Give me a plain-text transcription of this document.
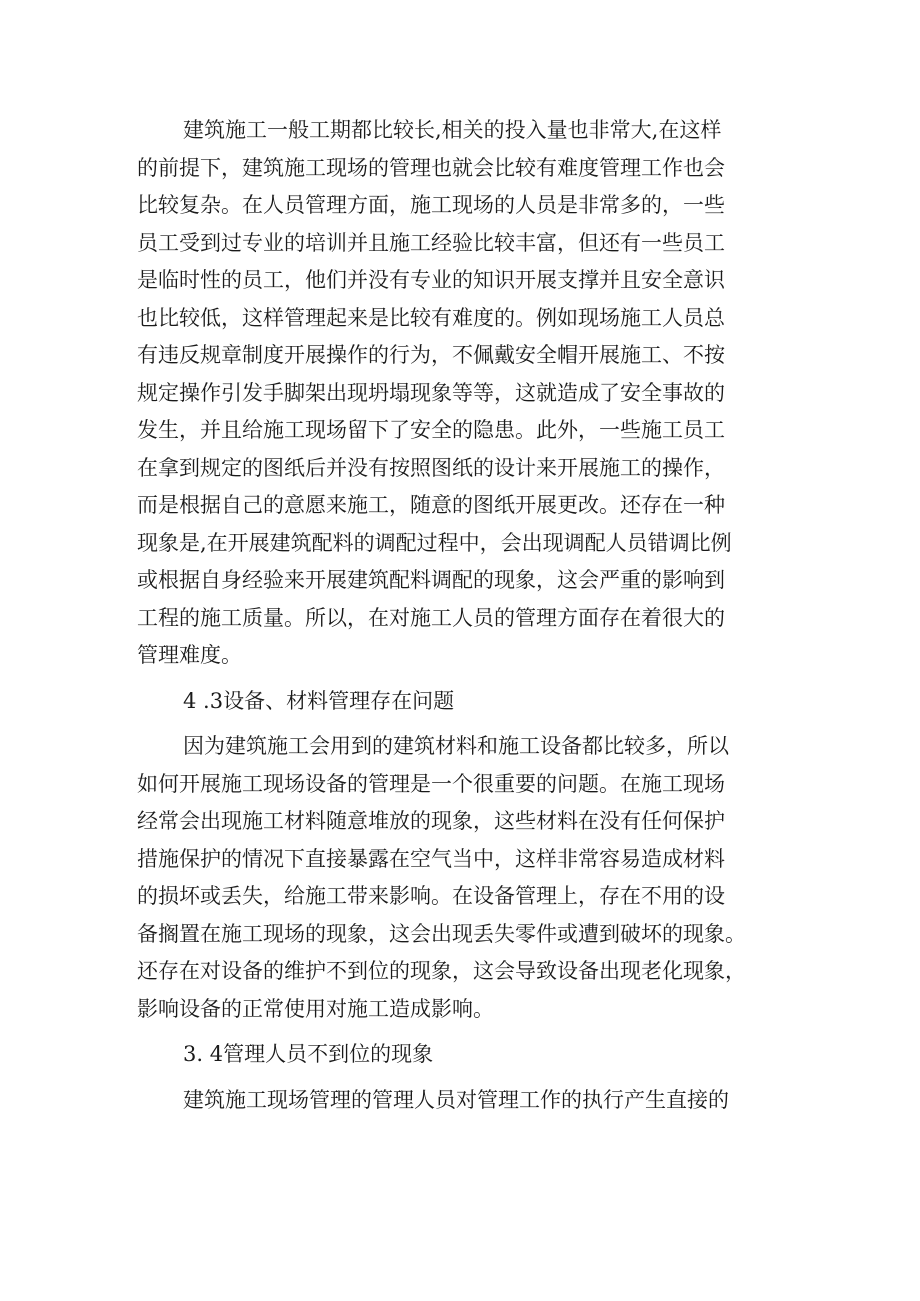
建筑施工一般工期都比较长,相关的投入量也非常大,在这样
的前提下，建筑施工现场的管理也就会比较有难度管理工作也会
比较复杂。在人员管理方面，施工现场的人员是非常多的，一些
员工受到过专业的培训并且施工经验比较丰富，但还有一些员工
是临时性的员工，他们并没有专业的知识开展支撑并且安全意识
也比较低，这样管理起来是比较有难度的。例如现场施工人员总
有违反规章制度开展操作的行为，不佩戴安全帽开展施工、不按
规定操作引发手脚架出现坍塌现象等等，这就造成了安全事故的
发生，并且给施工现场留下了安全的隐患。此外，一些施工员工
在拿到规定的图纸后并没有按照图纸的设计来开展施工的操作，
而是根据自己的意愿来施工，随意的图纸开展更改。还存在一种
现象是,在开展建筑配料的调配过程中，会出现调配人员错调比例
或根据自身经验来开展建筑配料调配的现象，这会严重的影响到
工程的施工质量。所以，在对施工人员的管理方面存在着很大的
管理难度。
4 .3设备、材料管理存在问题
因为建筑施工会用到的建筑材料和施工设备都比较多，所以
如何开展施工现场设备的管理是一个很重要的问题。在施工现场
经常会出现施工材料随意堆放的现象，这些材料在没有任何保护
措施保护的情况下直接暴露在空气当中，这样非常容易造成材料
的损坏或丢失，给施工带来影响。在设备管理上，存在不用的设
备搁置在施工现场的现象，这会出现丢失零件或遭到破坏的现象。
还存在对设备的维护不到位的现象，这会导致设备出现老化现象，
影响设备的正常使用对施工造成影响。
3. 4管理人员不到位的现象
建筑施工现场管理的管理人员对管理工作的执行产生直接的
